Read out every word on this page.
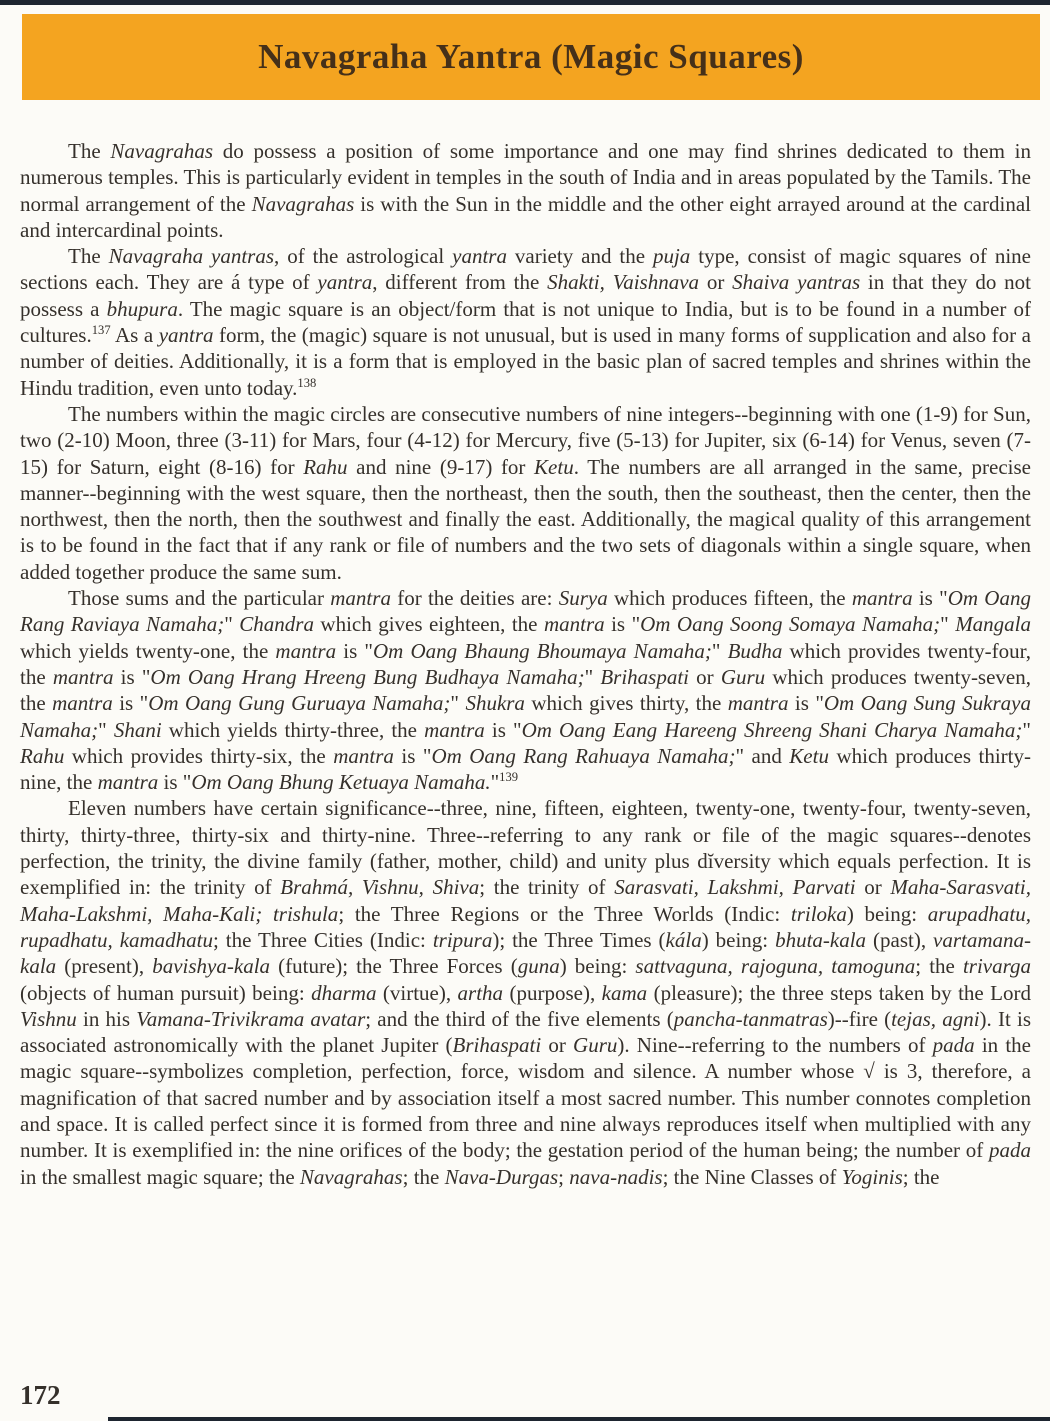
Navagraha Yantra (Magic Squares)

The Navagrahas do possess a position of some importance and one may find shrines dedicated to them in numerous temples. This is particularly evident in temples in the south of India and in areas populated by the Tamils. The normal arrangement of the Navagrahas is with the Sun in the middle and the other eight arrayed around at the cardinal and intercardinal points.

The Navagraha yantras, of the astrological yantra variety and the puja type, consist of magic squares of nine sections each. They are á type of yantra, different from the Shakti, Vaishnava or Shaiva yantras in that they do not possess a bhupura. The magic square is an object/form that is not unique to India, but is to be found in a number of cultures.$^{137}$ As a yantra form, the (magic) square is not unusual, but is used in many forms of supplication and also for a number of deities. Additionally, it is a form that is employed in the basic plan of sacred temples and shrines within the Hindu tradition, even unto today.$^{138}$

The numbers within the magic circles are consecutive numbers of nine integers--beginning with one (1-9) for Sun, two (2-10) Moon, three (3-11) for Mars, four (4-12) for Mercury, five (5-13) for Jupiter, six (6-14) for Venus, seven (7-15) for Saturn, eight (8-16) for Rahu and nine (9-17) for Ketu. The numbers are all arranged in the same, precise manner--beginning with the west square, then the northeast, then the south, then the southeast, then the center, then the northwest, then the north, then the southwest and finally the east. Additionally, the magical quality of this arrangement is to be found in the fact that if any rank or file of numbers and the two sets of diagonals within a single square, when added together produce the same sum.

Those sums and the particular mantra for the deities are: Surya which produces fifteen, the mantra is "Om Oang Rang Raviaya Namaha;" Chandra which gives eighteen, the mantra is "Om Oang Soong Somaya Namaha;" Mangala which yields twenty-one, the mantra is "Om Oang Bhaung Bhoumaya Namaha;" Budha which provides twenty-four, the mantra is "Om Oang Hrang Hreeng Bung Budhaya Namaha;" Brihaspati or Guru which produces twenty-seven, the mantra is "Om Oang Gung Guruaya Namaha;" Shukra which gives thirty, the mantra is "Om Oang Sung Sukraya Namaha;" Shani which yields thirty-three, the mantra is "Om Oang Eang Hareeng Shreeng Shani Charya Namaha;" Rahu which provides thirty-six, the mantra is "Om Oang Rang Rahuaya Namaha;" and Ketu which produces thirty-nine, the mantra is "Om Oang Bhung Ketuaya Namaha."$^{139}$

Eleven numbers have certain significance--three, nine, fifteen, eighteen, twenty-one, twenty-four, twenty-seven, thirty, thirty-three, thirty-six and thirty-nine. Three--referring to any rank or file of the magic squares--denotes perfection, the trinity, the divine family (father, mother, child) and unity plus dĭversity which equals perfection. It is exemplified in: the trinity of Brahmá, Vishnu, Shiva; the trinity of Sarasvati, Lakshmi, Parvati or Maha-Sarasvati, Maha-Lakshmi, Maha-Kali; trishula; the Three Regions or the Three Worlds (Indic: triloka) being: arupadhatu, rupadhatu, kamadhatu; the Three Cities (Indic: tripura); the Three Times (kála) being: bhuta-kala (past), vartamana-kala (present), bavishya-kala (future); the Three Forces (guna) being: sattvaguna, rajoguna, tamoguna; the trivarga (objects of human pursuit) being: dharma (virtue), artha (purpose), kama (pleasure); the three steps taken by the Lord Vishnu in his Vamana-Trivikrama avatar; and the third of the five elements (pancha-tanmatras)--fire (tejas, agni). It is associated astronomically with the planet Jupiter (Brihaspati or Guru). Nine--referring to the numbers of pada in the magic square--symbolizes completion, perfection, force, wisdom and silence. A number whose √ is 3, therefore, a magnification of that sacred number and by association itself a most sacred number. This number connotes completion and space. It is called perfect since it is formed from three and nine always reproduces itself when multiplied with any number. It is exemplified in: the nine orifices of the body; the gestation period of the human being; the number of pada in the smallest magic square; the Navagrahas; the Nava-Durgas; nava-nadis; the Nine Classes of Yoginis; the

172
